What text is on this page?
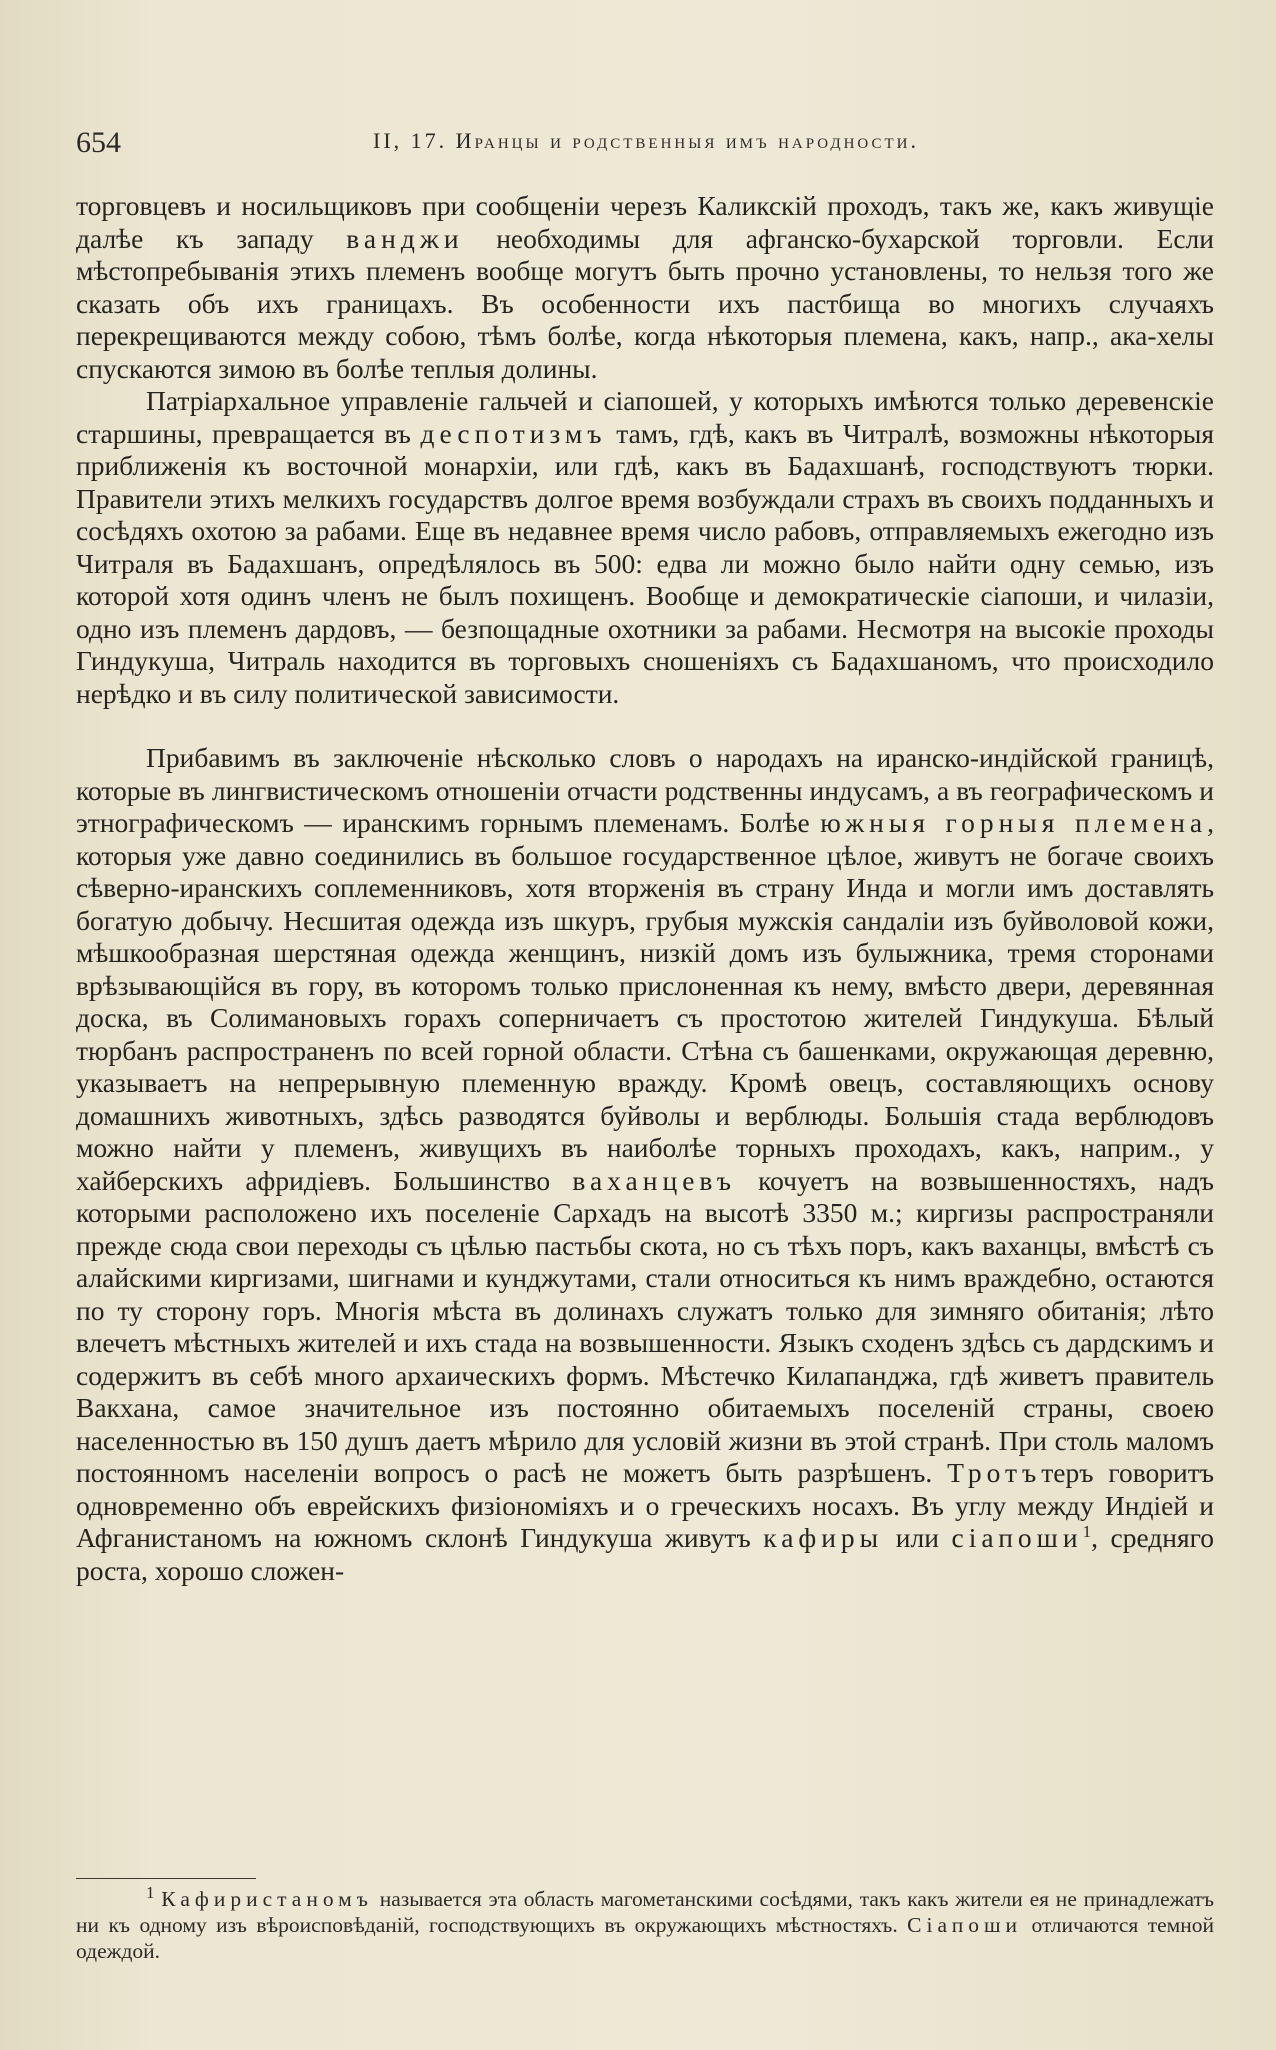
654	II, 17. Иранцы и родственныя имъ народности.

торговцевъ и носильщиковъ при сообщенiи черезъ Каликскiй проходъ, такъ же, какъ живущiе далѣе къ западу ванджи необходимы для афганско-бухарской торговли. Если мѣстопребыванiя этихъ племенъ вообще могутъ быть прочно установлены, то нельзя того же сказать объ ихъ границахъ. Въ особенности ихъ пастбища во многихъ случаяхъ перекрещиваются между собою, тѣмъ болѣе, когда нѣкоторыя племена, какъ, напр., ака-хелы спускаются зимою въ болѣе теплыя долины.

Патрiархальное управленiе гальчей и сiапошей, у которыхъ имѣются только деревенскiе старшины, превращается въ деспотизмъ тамъ, гдѣ, какъ въ Читралѣ, возможны нѣкоторыя приближенiя къ восточной монархiи, или гдѣ, какъ въ Бадахшанѣ, господствуютъ тюрки. Правители этихъ мелкихъ государствъ долгое время возбуждали страхъ въ своихъ подданныхъ и сосѣдяхъ охотою за рабами. Еще въ недавнее время число рабовъ, отправляемыхъ ежегодно изъ Читраля въ Бадахшанъ, опредѣлялось въ 500: едва ли можно было найти одну семью, изъ которой хотя одинъ членъ не былъ похищенъ. Вообще и демократическiе сiапоши, и чилазiи, одно изъ племенъ дардовъ, — безпощадные охотники за рабами. Несмотря на высокiе проходы Гиндукуша, Читраль находится въ торговыхъ сношенiяхъ съ Бадахшаномъ, что происходило нерѣдко и въ силу политической зависимости.

Прибавимъ въ заключенiе нѣсколько словъ о народахъ на иранско-индiйской границѣ, которые въ лингвистическомъ отношенiи отчасти родственны индусамъ, а въ географическомъ и этнографическомъ — иранскимъ горнымъ племенамъ. Болѣе южныя горныя племена, которыя уже давно соединились въ большое государственное цѣлое, живутъ не богаче своихъ сѣверно-иранскихъ соплеменниковъ, хотя вторженiя въ страну Инда и могли имъ доставлять богатую добычу. Несшитая одежда изъ шкуръ, грубыя мужскiя сандалiи изъ буйволовой кожи, мѣшкообразная шерстяная одежда женщинъ, низкiй домъ изъ булыжника, тремя сторонами врѣзывающiйся въ гору, въ которомъ только прислоненная къ нему, вмѣсто двери, деревянная доска, въ Солимановыхъ горахъ соперничаетъ съ простотою жителей Гиндукуша. Бѣлый тюрбанъ распространенъ по всей горной области. Стѣна съ башенками, окружающая деревню, указываетъ на непрерывную племенную вражду. Кромѣ овецъ, составляющихъ основу домашнихъ животныхъ, здѣсь разводятся буйволы и верблюды. Большiя стада верблюдовъ можно найти у племенъ, живущихъ въ наиболѣе торныхъ проходахъ, какъ, наприм., у хайберскихъ афридiевъ. Большинство ваханцевъ кочуетъ на возвышенностяхъ, надъ которыми расположено ихъ поселенiе Сархадъ на высотѣ 3350 м.; киргизы распространяли прежде сюда свои переходы съ цѣлью пастьбы скота, но съ тѣхъ поръ, какъ ваханцы, вмѣстѣ съ алайскими киргизами, шигнами и кунджутами, стали относиться къ нимъ враждебно, остаются по ту сторону горъ. Многiя мѣста въ долинахъ служатъ только для зимняго обитанiя; лѣто влечетъ мѣстныхъ жителей и ихъ стада на возвышенности. Языкъ сходенъ здѣсь съ дардскимъ и содержитъ въ себѣ много архаическихъ формъ. Мѣстечко Килапанджа, гдѣ живетъ правитель Вакхана, самое значительное изъ постоянно обитаемыхъ поселенiй страны, своею населенностью въ 150 душъ даетъ мѣрило для условiй жизни въ этой странѣ. При столь маломъ постоянномъ населенiи вопросъ о расѣ не можетъ быть разрѣшенъ. Тротътеръ говоритъ одновременно объ еврейскихъ физiономiяхъ и о греческихъ носахъ. Въ углу между Индiей и Афганистаномъ на южномъ склонѣ Гиндукуша живутъ кафиры или сiапоши$^1$, средняго роста, хорошо сложен-

$^1$ Кафиристаномъ называется эта область магометанскими сосѣдями, такъ какъ жители ея не принадлежатъ ни къ одному изъ вѣроисповѣданiй, господствующихъ въ окружающихъ мѣстностяхъ. Сiапоши отличаются темной одеждой.
